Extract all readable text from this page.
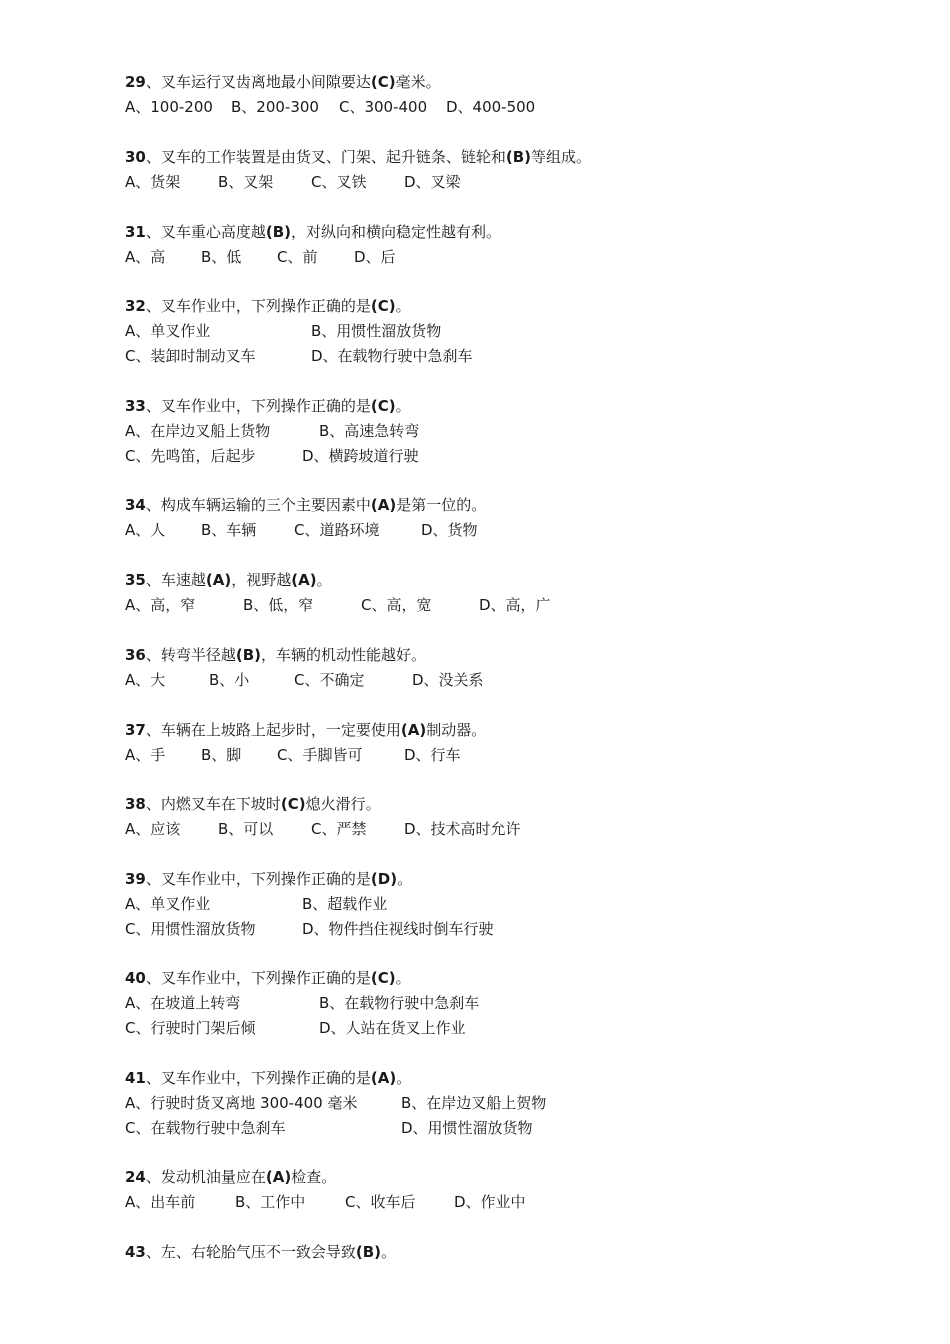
29、叉车运行叉齿离地最小间隙要达(C)毫米。
A、100-200 B、200-300 C、300-400 D、400-500
30、叉车的工作装置是由货叉、门架、起升链条、链轮和(B)等组成。
A、货架	B、叉架	C、叉铁	D、叉梁
31、叉车重心高度越(B)，对纵向和横向稳定性越有利。
A、高 B、低 C、前 D、后
32、叉车作业中，下列操作正确的是(C)。
A、单叉作业	B、用惯性溜放货物
C、装卸时制动叉车	D、在载物行驶中急刹车
33、叉车作业中，下列操作正确的是(C)。
A、在岸边叉船上货物	B、高速急转弯
C、先鸣笛，后起步	D、横跨坡道行驶
34、构成车辆运输的三个主要因素中(A)是第一位的。
A、人 B、车辆	C、道路环境	D、货物
35、车速越(A)，视野越(A)。
A、高，窄	B、低，窄	C、高，宽	D、高，广
36、转弯半径越(B)，车辆的机动性能越好。
A、大	B、小	C、不确定	D、没关系
37、车辆在上坡路上起步时，一定要使用(A)制动器。
A、手 B、脚 C、手脚皆可	D、行车
38、内燃叉车在下坡时(C)熄火滑行。
A、应该	B、可以	C、严禁	D、技术高时允许
39、叉车作业中，下列操作正确的是(D)。
A、单叉作业	B、超载作业
C、用惯性溜放货物	D、物件挡住视线时倒车行驶
40、叉车作业中，下列操作正确的是(C)。
A、在坡道上转弯	B、在载物行驶中急刹车
C、行驶时门架后倾	D、人站在货叉上作业
41、叉车作业中，下列操作正确的是(A)。
A、行驶时货叉离地 300-400 毫米	B、在岸边叉船上贺物
C、在载物行驶中急刹车	D、用惯性溜放货物
24、发动机油量应在(A)检查。
A、出车前	B、工作中	C、收车后	D、作业中
43、左、右轮胎气压不一致会导致(B)。
